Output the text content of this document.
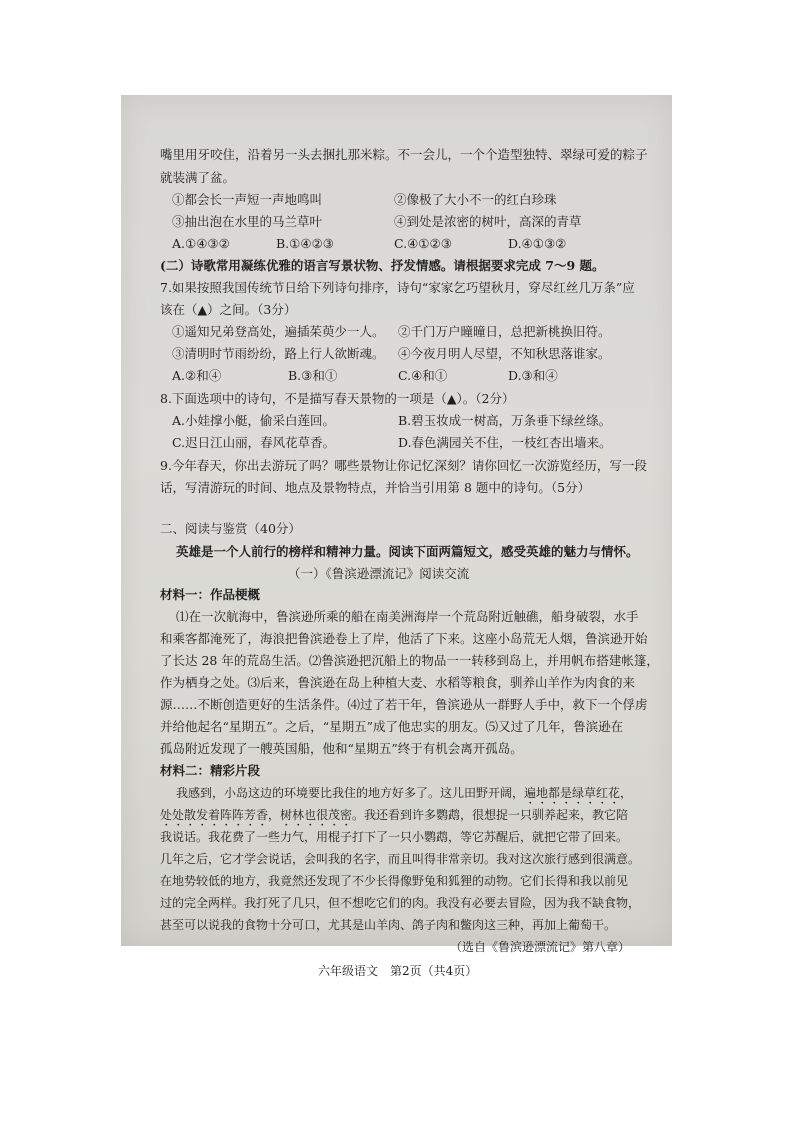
嘴里用牙咬住，沿着另一头去捆扎那米粽。不一会儿，一个个造型独特、翠绿可爱的粽子
就装满了盆。
①都会长一声短一声地鸣叫	②像极了大小不一的红白珍珠
③抽出泡在水里的马兰草叶	④到处是浓密的树叶，高深的青草
A.①④③②	B.①④②③	C.④①②③	D.④①③②
(二）诗歌常用凝练优雅的语言写景状物、抒发情感。请根据要求完成 7～9 题。
7.如果按照我国传统节日给下列诗句排序，诗句“家家乞巧望秋月，穿尽红丝几万条”应
该在（▲）之间。（3分）
①遥知兄弟登高处，遍插茱萸少一人。 ②千门万户曈曈日，总把新桃换旧符。
③清明时节雨纷纷，路上行人欲断魂。 ④今夜月明人尽望，不知秋思落谁家。
A.②和④	B.③和①	C.④和①	D.③和④
8.下面选项中的诗句，不是描写春天景物的一项是（▲）。（2分）
A.小娃撑小艇，偷采白莲回。	B.碧玉妆成一树高，万条垂下绿丝绦。
C.迟日江山丽，春风花草香。	D.春色满园关不住，一枝红杏出墙来。
9.今年春天，你出去游玩了吗？哪些景物让你记忆深刻？请你回忆一次游览经历，写一段
话，写清游玩的时间、地点及景物特点，并恰当引用第 8 题中的诗句。（5分）
二、阅读与鉴赏（40分）
英雄是一个人前行的榜样和精神力量。阅读下面两篇短文，感受英雄的魅力与情怀。
（一）《鲁滨逊漂流记》阅读交流
材料一：作品梗概
⑴在一次航海中，鲁滨逊所乘的船在南美洲海岸一个荒岛附近触礁，船身破裂，水手
和乘客都淹死了，海浪把鲁滨逊卷上了岸，他活了下来。这座小岛荒无人烟，鲁滨逊开始
了长达 28 年的荒岛生活。⑵鲁滨逊把沉船上的物品一一转移到岛上，并用帆布搭建帐篷，
作为栖身之处。⑶后来，鲁滨逊在岛上种植大麦、水稻等粮食，驯养山羊作为肉食的来
源……不断创造更好的生活条件。⑷过了若干年，鲁滨逊从一群野人手中，救下一个俘虏
并给他起名“星期五”。之后，“星期五”成了他忠实的朋友。⑸又过了几年，鲁滨逊在
孤岛附近发现了一艘英国船，他和“星期五”终于有机会离开孤岛。
材料二：精彩片段
我感到，小岛这边的环境要比我住的地方好多了。这儿田野开阔，遍地都是绿草红花，
处处散发着阵阵芳香，树林也很茂密。我还看到许多鹦鹉，很想捉一只驯养起来，教它陪
我说话。我花费了一些力气，用棍子打下了一只小鹦鹉，等它苏醒后，就把它带了回来。
几年之后，它才学会说话，会叫我的名字，而且叫得非常亲切。我对这次旅行感到很满意。
在地势较低的地方，我竟然还发现了不少长得像野兔和狐狸的动物。它们长得和我以前见
过的完全两样。我打死了几只，但不想吃它们的肉。我没有必要去冒险，因为我不缺食物，
甚至可以说我的食物十分可口，尤其是山羊肉、鸽子肉和鳖肉这三种，再加上葡萄干。
（选自《鲁滨逊漂流记》第八章）
六年级语文　第2页（共4页）
